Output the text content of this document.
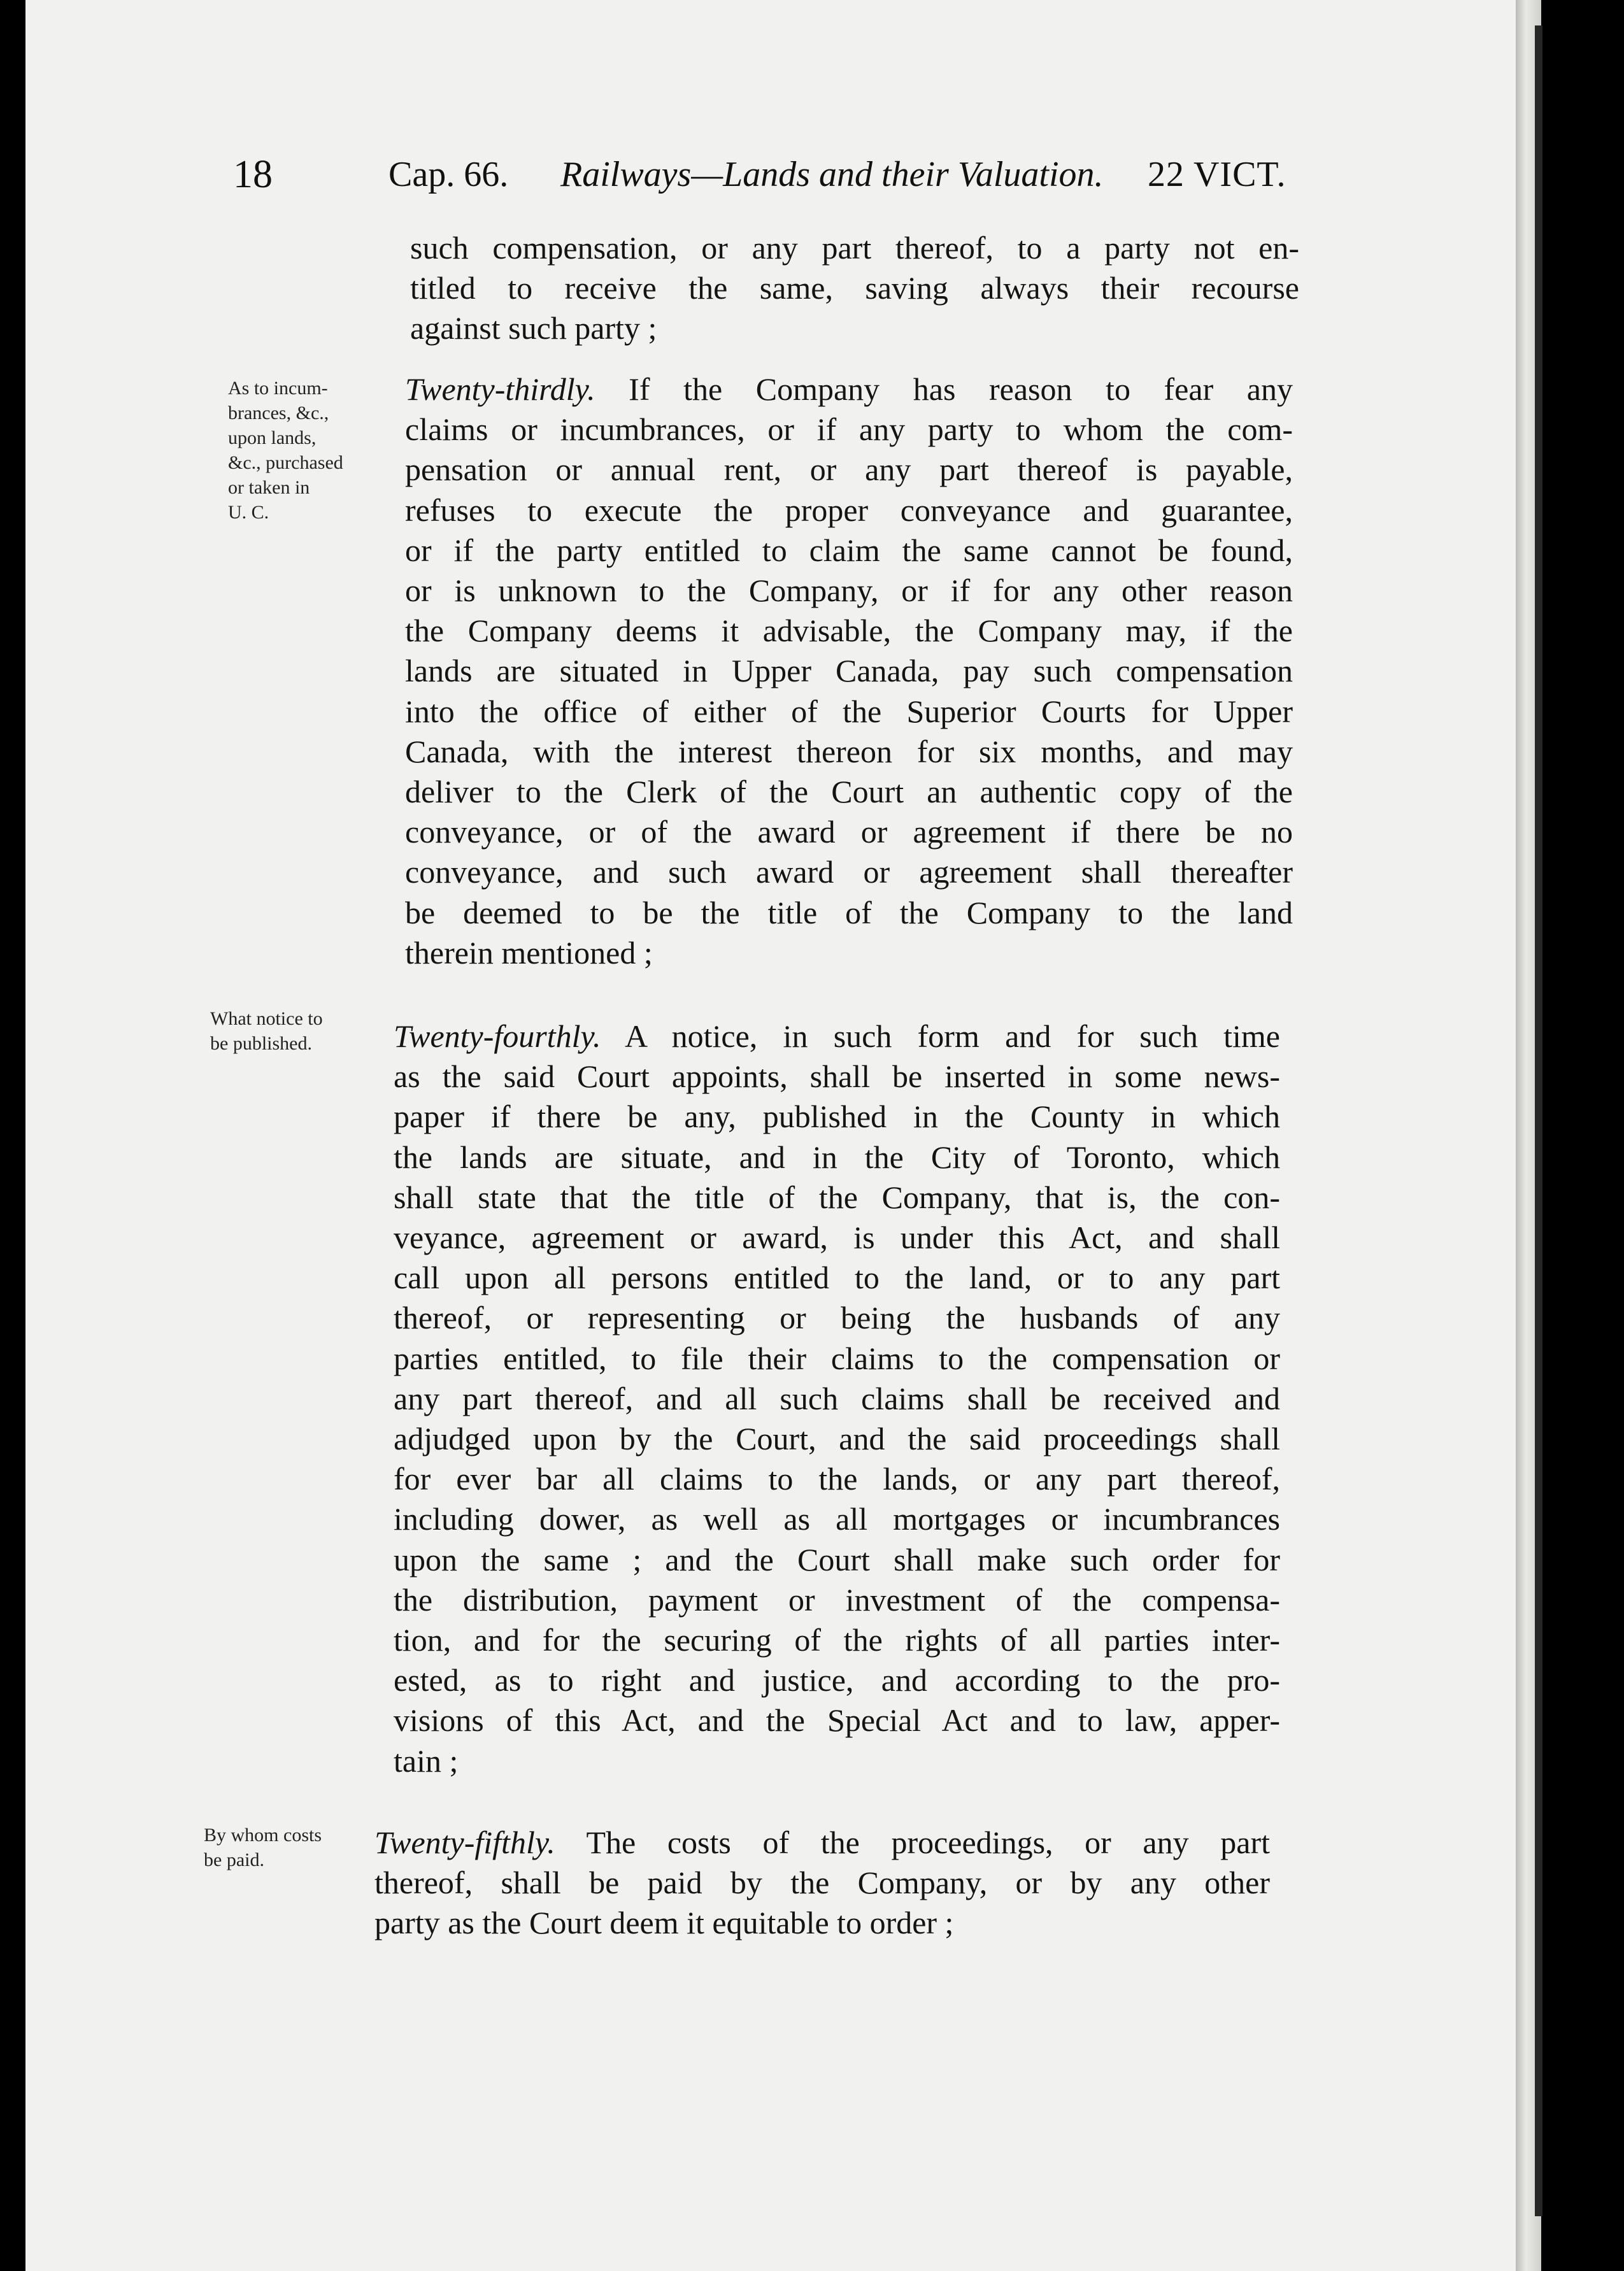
18	Cap. 66. Railways—Lands and their Valuation. 22 VICT.
such compensation, or any part thereof, to a party not en-
titled to receive the same, saving always their recourse
against such party ;
As to incum-
brances, &c.,
upon lands,
&c., purchased
or taken in
U. C.
Twenty-thirdly. If the Company has reason to fear any
claims or incumbrances, or if any party to whom the com-
pensation or annual rent, or any part thereof is payable,
refuses to execute the proper conveyance and guarantee,
or if the party entitled to claim the same cannot be found,
or is unknown to the Company, or if for any other reason
the Company deems it advisable, the Company may, if the
lands are situated in Upper Canada, pay such compensation
into the office of either of the Superior Courts for Upper
Canada, with the interest thereon for six months, and may
deliver to the Clerk of the Court an authentic copy of the
conveyance, or of the award or agreement if there be no
conveyance, and such award or agreement shall thereafter
be deemed to be the title of the Company to the land
therein mentioned ;
What notice to
be published.	Twenty-fourthly. A notice, in such form and for such time
as the said Court appoints, shall be inserted in some news-
paper if there be any, published in the County in which
the lands are situate, and in the City of Toronto, which
shall state that the title of the Company, that is, the con-
veyance, agreement or award, is under this Act, and shall
call upon all persons entitled to the land, or to any part
thereof, or representing or being the husbands of any
parties entitled, to file their claims to the compensation or
any part thereof, and all such claims shall be received and
adjudged upon by the Court, and the said proceedings shall
for ever bar all claims to the lands, or any part thereof,
including dower, as well as all mortgages or incumbrances
upon the same ; and the Court shall make such order for
the distribution, payment or investment of the compensa-
tion, and for the securing of the rights of all parties inter-
ested, as to right and justice, and according to the pro-
visions of this Act, and the Special Act and to law, apper-
tain ;
By whom costs
be paid.	Twenty-fifthly. The costs of the proceedings, or any part
thereof, shall be paid by the Company, or by any other
party as the Court deem it equitable to order ;
